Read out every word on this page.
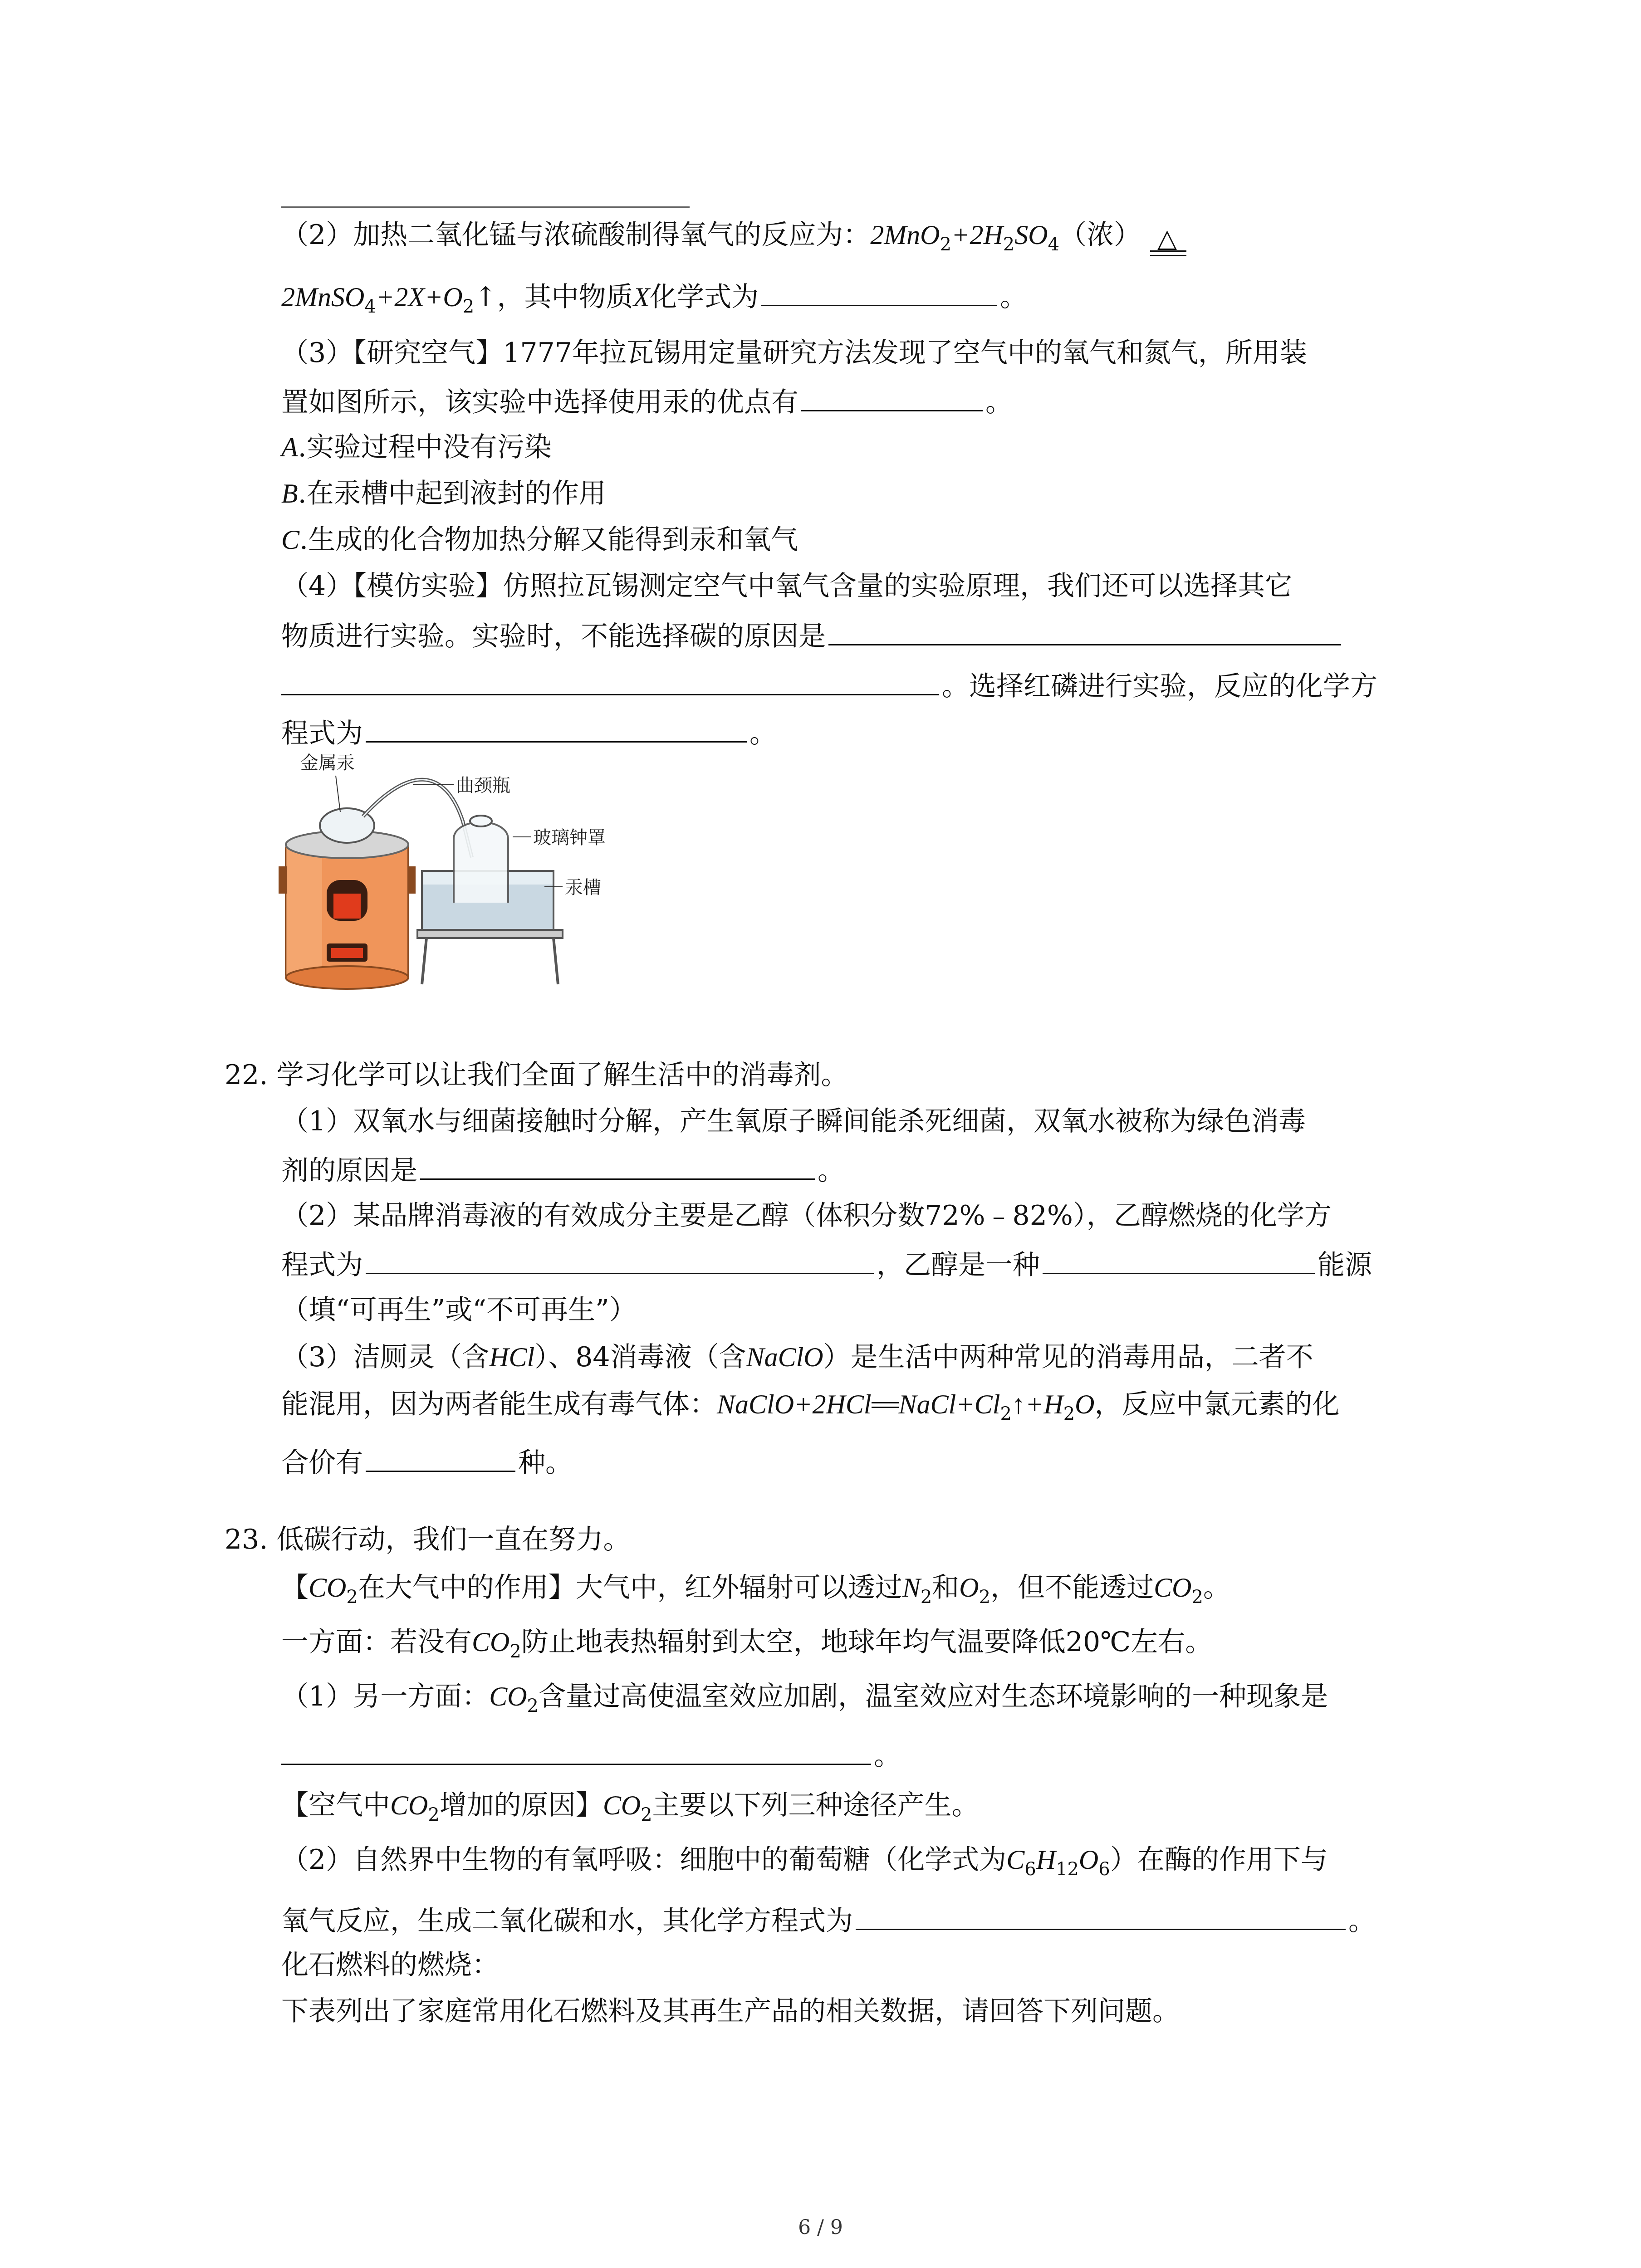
（2）加热二氧化锰与浓硫酸制得氧气的反应为：$2MnO_2+2H_2SO_4$（浓） △
$2MnSO_4+2X+O_2↑$，其中物质X化学式为	。
（3）【研究空气】1777年拉瓦锡用定量研究方法发现了空气中的氧气和氮气，所用装
置如图所示，该实验中选择使用汞的优点有	。
A.实验过程中没有污染
B.在汞槽中起到液封的作用
C.生成的化合物加热分解又能得到汞和氧气
（4）【模仿实验】仿照拉瓦锡测定空气中氧气含量的实验原理，我们还可以选择其它
物质进行实验。实验时，不能选择碳的原因是
。选择红磷进行实验，反应的化学方
程式为	。
金属汞
曲颈瓶
玻璃钟罩
汞槽
22. 学习化学可以让我们全面了解生活中的消毒剂。
（1）双氧水与细菌接触时分解，产生氧原子瞬间能杀死细菌，双氧水被称为绿色消毒
剂的原因是	。
（2）某品牌消毒液的有效成分主要是乙醇（体积分数72%﹣82%），乙醇燃烧的化学方
程式为	，乙醇是一种	能源
（填“可再生”或“不可再生”）
（3）洁厕灵（含HCl）、84消毒液（含NaClO）是生活中两种常见的消毒用品，二者不
能混用，因为两者能生成有毒气体：NaClO+2HCl $NaCl+Cl_2↑+H_2O$，反应中氯元素的化
合价有	种。
23. 低碳行动，我们一直在努力。
【$CO_2$在大气中的作用】大气中，红外辐射可以透过$N_2$和$O_2$，但不能透过$CO_2$。
一方面：若没有$CO_2$防止地表热辐射到太空，地球年均气温要降低20℃左右。
（1）另一方面：$CO_2$含量过高使温室效应加剧，温室效应对生态环境影响的一种现象是
。
【空气中$CO_2$增加的原因】$CO_2$主要以下列三种途径产生。
（2）自然界中生物的有氧呼吸：细胞中的葡萄糖（化学式为$C_6H_{12}O_6$）在酶的作用下与
氧气反应，生成二氧化碳和水，其化学方程式为	。
化石燃料的燃烧：
下表列出了家庭常用化石燃料及其再生产品的相关数据，请回答下列问题。
6 / 9
